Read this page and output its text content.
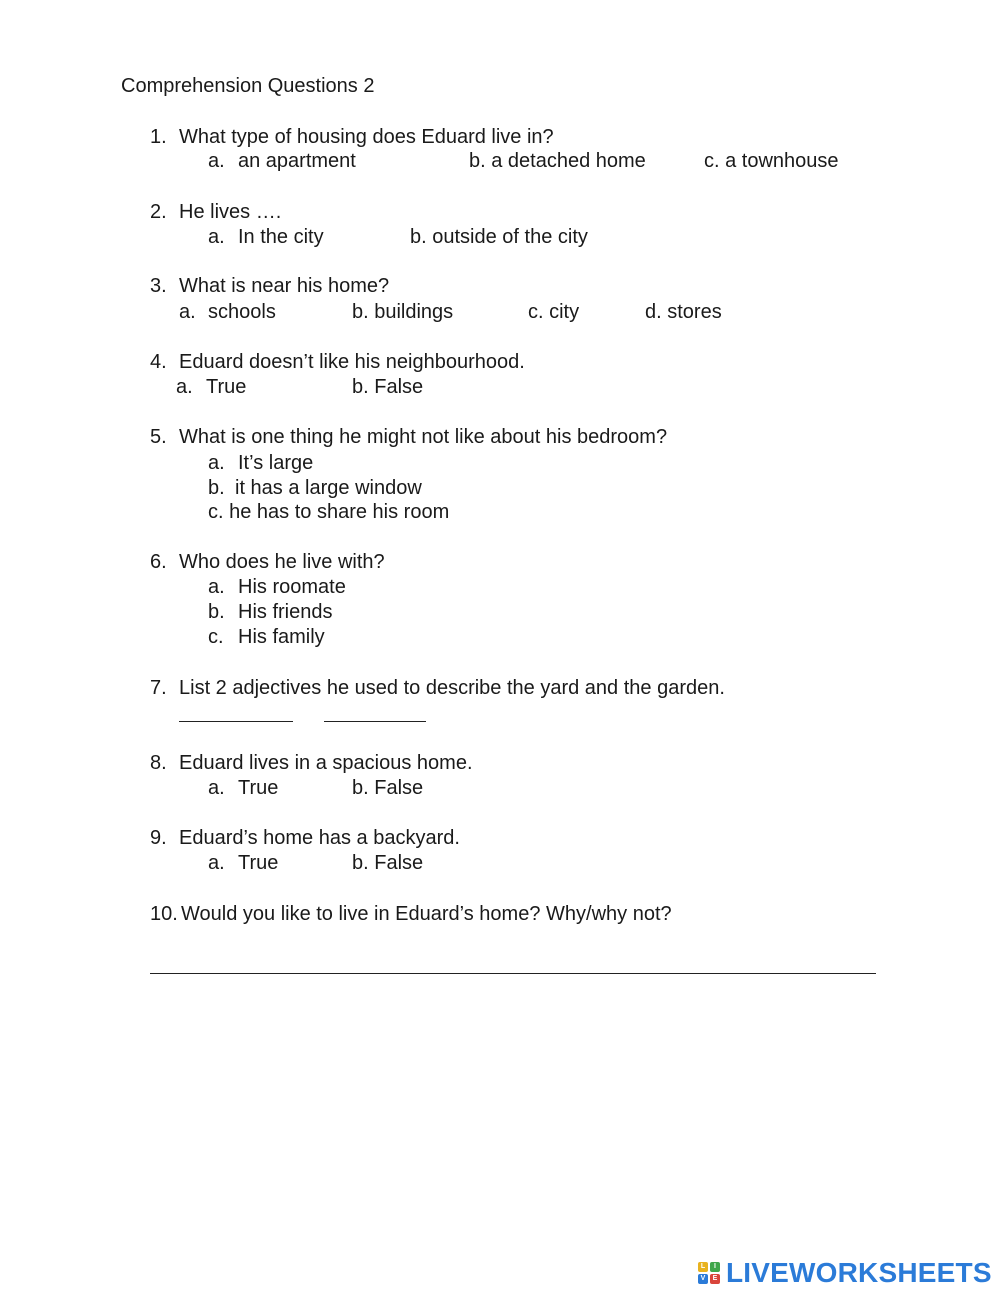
Comprehension Questions 2
1. What type of housing does Eduard live in?
a. an apartment	b. a detached home	c. a townhouse
2. He lives ….
a. In the city	b. outside of the city
3. What is near his home?
a. schools	b. buildings	c. city	d. stores
4. Eduard doesn’t like his neighbourhood.
a. True	b. False
5. What is one thing he might not like about his bedroom?
a. It’s large
b. it has a large window
c. he has to share his room
6. Who does he live with?
a. His roomate
b. His friends
c. His family
7. List 2 adjectives he used to describe the yard and the garden.
8. Eduard lives in a spacious home.
a. True	b. False
9. Eduard’s home has a backyard.
a. True	b. False
10. Would you like to live in Eduard’s home? Why/why not?
L	I
V	E LIVEWORKSHEETS
